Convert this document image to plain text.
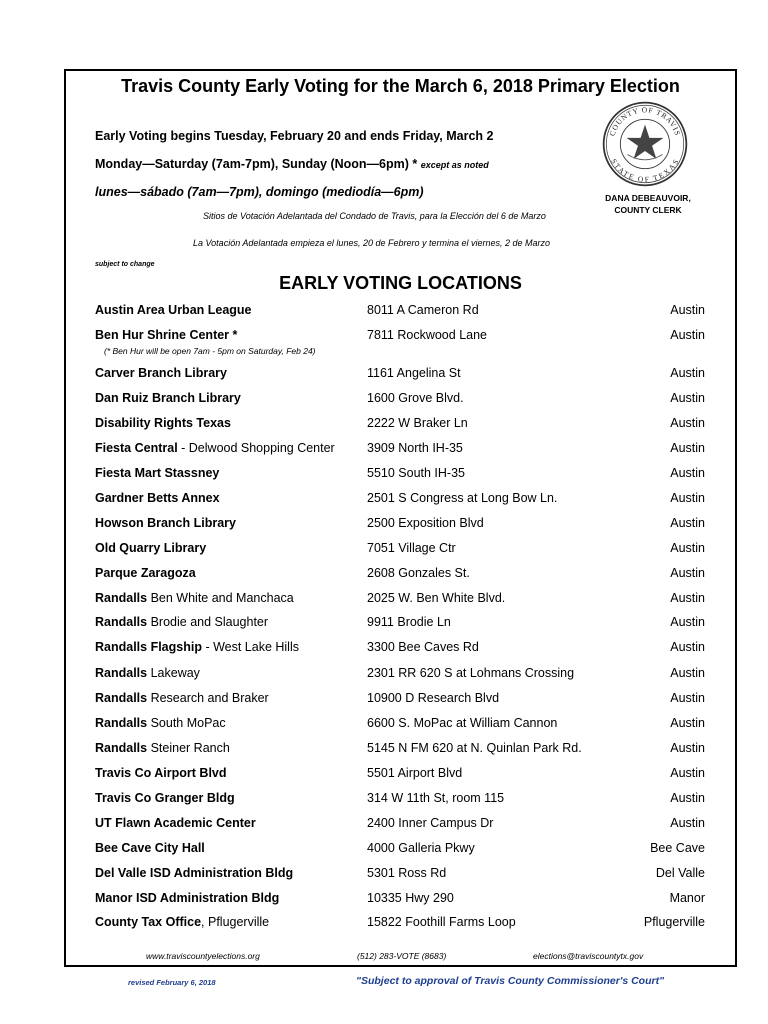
Travis County Early Voting for the March 6, 2018 Primary Election
Early Voting begins Tuesday, February 20 and ends Friday, March 2
Monday—Saturday (7am-7pm), Sunday (Noon—6pm) * except as noted
lunes—sábado (7am—7pm), domingo (mediodía—6pm)
Sitios de Votación Adelantada del Condado de Travis, para la Elección del 6 de Marzo
La Votación Adelantada empieza el lunes, 20 de Febrero y termina el viernes, 2 de Marzo
subject to change
COUNTY OF TRAVIS
STATE OF TEXAS
DANA DEBEAUVOIR,
COUNTY CLERK
EARLY VOTING LOCATIONS
Austin Area Urban League	8011 A Cameron Rd	Austin
Ben Hur Shrine Center *	7811 Rockwood Lane	Austin
Carver Branch Library	1161 Angelina St	Austin
Dan Ruiz Branch Library	1600 Grove Blvd.	Austin
Disability Rights Texas	2222 W Braker Ln	Austin
Fiesta Central - Delwood Shopping Center	3909 North IH-35	Austin
Fiesta Mart Stassney	5510 South IH-35	Austin
Gardner Betts Annex	2501 S Congress at Long Bow Ln.	Austin
Howson Branch Library	2500 Exposition Blvd	Austin
Old Quarry Library	7051 Village Ctr	Austin
Parque Zaragoza	2608 Gonzales St.	Austin
Randalls Ben White and Manchaca	2025 W. Ben White Blvd.	Austin
Randalls Brodie and Slaughter	9911 Brodie Ln	Austin
Randalls Flagship - West Lake Hills	3300 Bee Caves Rd	Austin
Randalls Lakeway	2301 RR 620 S at Lohmans Crossing	Austin
Randalls Research and Braker	10900 D Research Blvd	Austin
Randalls South MoPac	6600 S. MoPac at William Cannon	Austin
Randalls Steiner Ranch	5145 N FM 620 at N. Quinlan Park Rd.	Austin
Travis Co Airport Blvd	5501 Airport Blvd	Austin
Travis Co Granger Bldg	314 W 11th St, room 115	Austin
UT Flawn Academic Center	2400 Inner Campus Dr	Austin
Bee Cave City Hall	4000 Galleria Pkwy	Bee Cave
Del Valle ISD Administration Bldg	5301 Ross Rd	Del Valle
Manor ISD Administration Bldg	10335 Hwy 290	Manor
County Tax Office, Pflugerville	15822 Foothill Farms Loop	Pflugerville
(* Ben Hur will be open 7am - 5pm on Saturday, Feb 24)
www.traviscountyelections.org	(512) 283-VOTE (8683)	elections@traviscountytx.gov
revised February 6, 2018	"Subject to approval of Travis County Commissioner's Court"
